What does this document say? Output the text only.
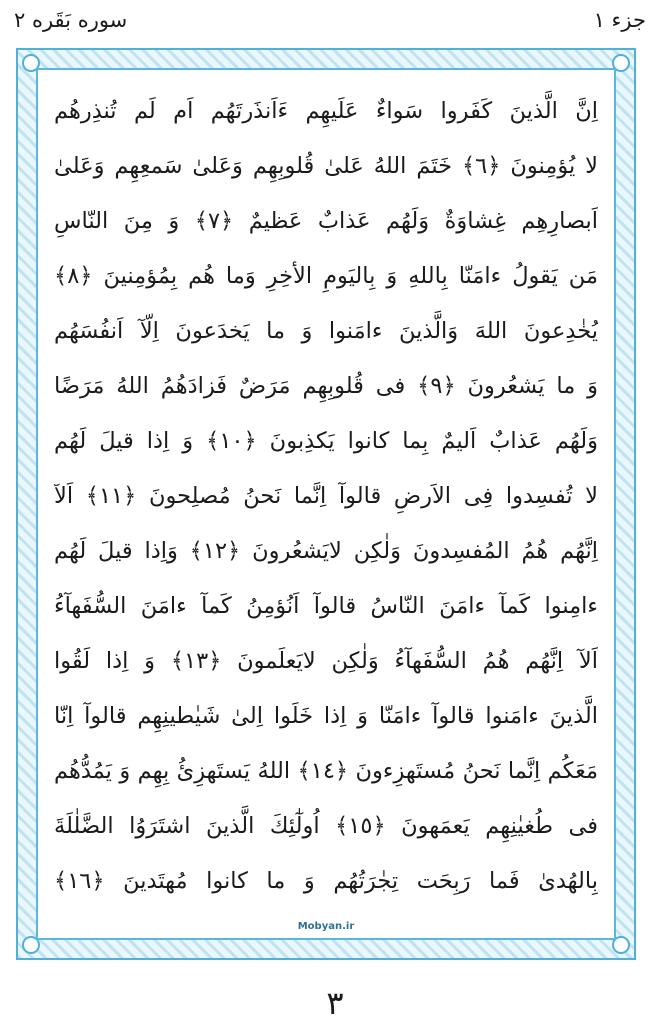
سوره بَقَره ٢	جزء ١
اِنَّ الَّذينَ كَفَروا سَواءٌ عَلَيهِم ءَاَنذَرتَهُم اَم لَم تُنذِرهُم
لا يُؤمِنونَ ﴿٦﴾ خَتَمَ اللهُ عَلىٰ قُلوبِهِم وَعَلىٰ سَمعِهِم وَعَلىٰ
اَبصارِهِم غِشاوَةٌ وَلَهُم عَذابٌ عَظيمٌ ﴿٧﴾ وَ مِنَ النّاسِ
مَن يَقولُ ءامَنّا بِاللهِ وَ بِاليَومِ الأخِرِ وَما هُم بِمُؤمِنينَ ﴿٨﴾
يُخٰدِعونَ اللهَ وَالَّذينَ ءامَنوا وَ ما يَخدَعونَ اِلّآ اَنفُسَهُم
وَ ما يَشعُرونَ ﴿٩﴾ فى قُلوبِهِم مَرَضٌ فَزادَهُمُ اللهُ مَرَضًا
وَلَهُم عَذابٌ اَليمٌ بِما كانوا يَكذِبونَ ﴿١٠﴾ وَ اِذا قيلَ لَهُم
لا تُفسِدوا فِى الاَرضِ قالوآ اِنَّما نَحنُ مُصلِحونَ ﴿١١﴾ اَلآ
اِنَّهُم هُمُ المُفسِدونَ وَلٰكِن لايَشعُرونَ ﴿١٢﴾ وَاِذا قيلَ لَهُم
ءامِنوا كَمآ ءامَنَ النّاسُ قالوآ اَنُؤمِنُ كَمآ ءامَنَ السُّفَهآءُ
اَلآ اِنَّهُم هُمُ السُّفَهآءُ وَلٰكِن لايَعلَمونَ ﴿١٣﴾ وَ اِذا لَقُوا
الَّذينَ ءامَنوا قالوآ ءامَنّا وَ اِذا خَلَوا اِلىٰ شَيٰطينِهِم قالوآ اِنّا
مَعَكُم اِنَّما نَحنُ مُستَهزِءونَ ﴿١٤﴾ اللهُ يَستَهزِئُ بِهِم وَ يَمُدُّهُم
فى طُغيٰنِهِم يَعمَهونَ ﴿١٥﴾ اُولٰٓئِكَ الَّذينَ اشتَرَوُا الضَّلٰلَةَ
بِالهُدىٰ فَما رَبِحَت تِجٰرَتُهُم وَ ما كانوا مُهتَدينَ ﴿١٦﴾
Mobyan.ir
٣
